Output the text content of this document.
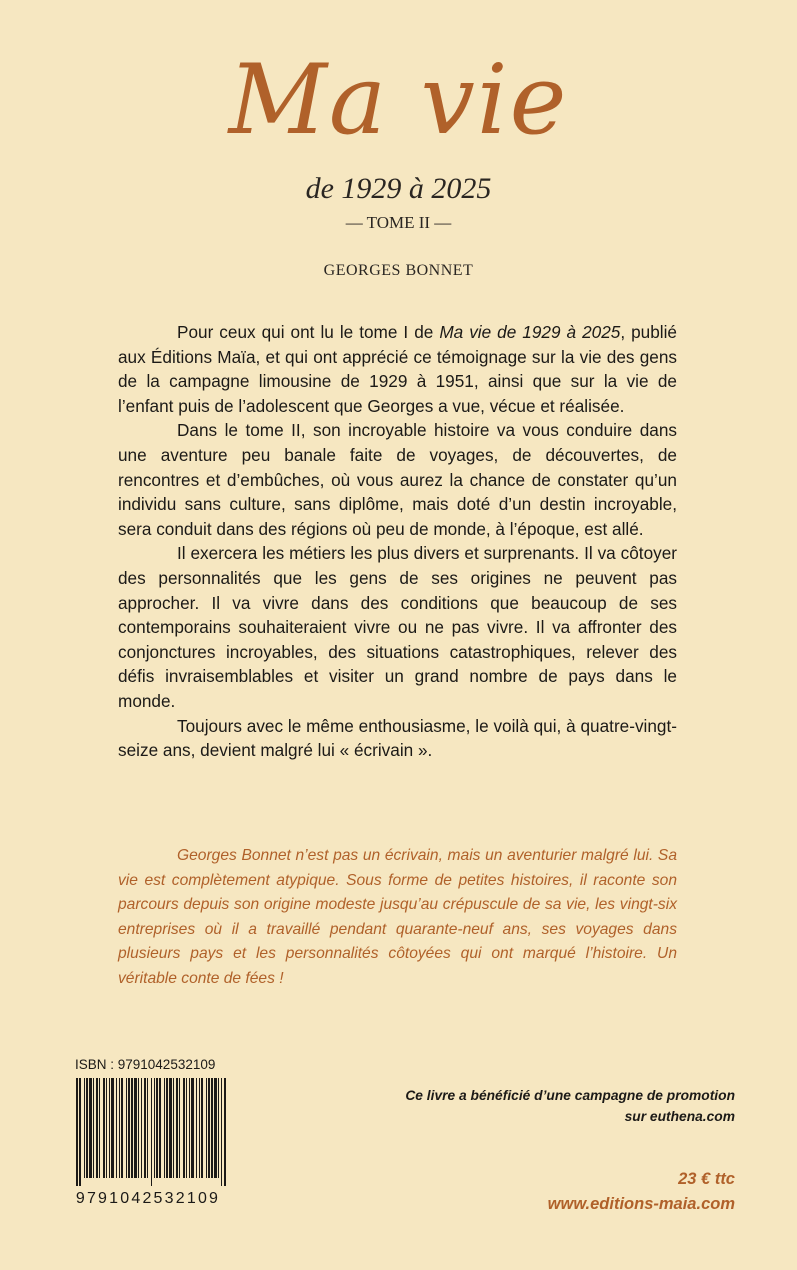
Ma vie
de 1929 à 2025
— TOME II —
GEORGES BONNET

Pour ceux qui ont lu le tome I de Ma vie de 1929 à 2025, publié aux Éditions Maïa, et qui ont apprécié ce témoignage sur la vie des gens de la campagne limousine de 1929 à 1951, ainsi que sur la vie de l’enfant puis de l’adolescent que Georges a vue, vécue et réalisée.

Dans le tome II, son incroyable histoire va vous conduire dans une aventure peu banale faite de voyages, de découvertes, de rencontres et d’embûches, où vous aurez la chance de constater qu’un individu sans culture, sans diplôme, mais doté d’un destin incroyable, sera conduit dans des régions où peu de monde, à l’époque, est allé.

Il exercera les métiers les plus divers et surprenants. Il va côtoyer des personnalités que les gens de ses origines ne peuvent pas approcher. Il va vivre dans des conditions que beaucoup de ses contemporains souhaiteraient vivre ou ne pas vivre. Il va affronter des conjonctures incroyables, des situations catastrophiques, relever des défis invraisemblables et visiter un grand nombre de pays dans le monde.

Toujours avec le même enthousiasme, le voilà qui, à quatre-vingt-seize ans, devient malgré lui « écrivain ».

Georges Bonnet n’est pas un écrivain, mais un aventurier malgré lui. Sa vie est complètement atypique. Sous forme de petites histoires, il raconte son parcours depuis son origine modeste jusqu’au crépuscule de sa vie, les vingt-six entreprises où il a travaillé pendant quarante-neuf ans, ses voyages dans plusieurs pays et les personnalités côtoyées qui ont marqué l’histoire. Un véritable conte de fées !

ISBN : 9791042532109
9791042532109
Ce livre a bénéficié d’une campagne de promotion
sur euthena.com
23 € ttc
www.editions-maia.com
